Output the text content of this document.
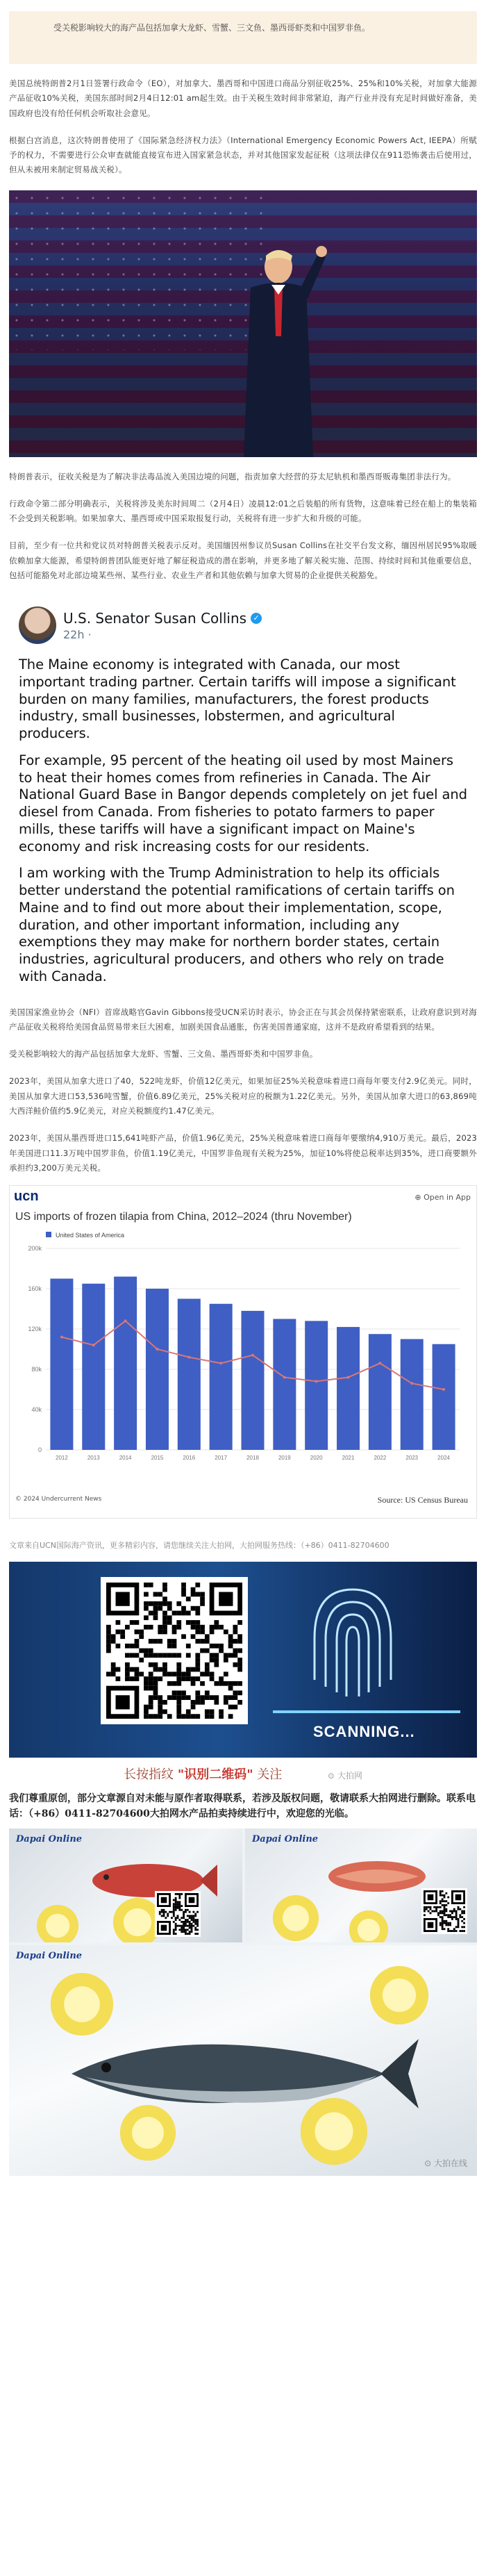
受关税影响较大的海产品包括加拿大龙虾、雪蟹、三文鱼、墨西哥虾类和中国罗非鱼。

美国总统特朗普2月1日签署行政命令（EO），对加拿大、墨西哥和中国进口商品分别征收25%、25%和10%关税，对加拿大能源产品征收10%关税，美国东部时间2月4日12:01 am起生效。由于关税生效时间非常紧迫，海产行业并没有充足时间做好准备，美国政府也没有给任何机会听取社会意见。

根据白宫消息，这次特朗普使用了《国际紧急经济权力法》（International Emergency Economic Powers Act, IEEPA）所赋予的权力，不需要进行公众审查就能直接宣布进入国家紧急状态，并对其他国家发起征税（这项法律仅在911恐怖袭击后使用过，但从未被用来制定贸易战关税）。

特朗普表示，征收关税是为了解决非法毒品流入美国边境的问题，指责加拿大经营的芬太尼轨机和墨西哥贩毒集团非法行为。

行政命令第二部分明确表示，关税将涉及美东时间周二（2月4日）凌晨12:01之后装船的所有货物，这意味着已经在船上的集装箱不会受到关税影响。如果加拿大、墨西哥或中国采取报复行动，关税将有进一步扩大和升级的可能。

目前，至少有一位共和党议员对特朗普关税表示反对。美国缅因州参议员Susan Collins在社交平台发文称，缅因州居民95%取暖依赖加拿大能源，希望特朗普团队能更好地了解征税造成的潜在影响，并更多地了解关税实施、范围、持续时间和其他重要信息，包括可能豁免对北部边境某些州、某些行业、农业生产者和其他依赖与加拿大贸易的企业提供关税豁免。

U.S. Senator Susan Collins ✓
22h ·

The Maine economy is integrated with Canada, our most important trading partner. Certain tariffs will impose a significant burden on many families, manufacturers, the forest products industry, small businesses, lobstermen, and agricultural producers.

For example, 95 percent of the heating oil used by most Mainers to heat their homes comes from refineries in Canada. The Air National Guard Base in Bangor depends completely on jet fuel and diesel from Canada. From fisheries to potato farmers to paper mills, these tariffs will have a significant impact on Maine's economy and risk increasing costs for our residents.

I am working with the Trump Administration to help its officials better understand the potential ramifications of certain tariffs on Maine and to find out more about their implementation, scope, duration, and other important information, including any exemptions they may make for northern border states, certain industries, agricultural producers, and others who rely on trade with Canada.

美国国家渔业协会（NFI）首席战略官Gavin Gibbons接受UCN采访时表示，协会正在与其会员保持紧密联系，让政府意识到对海产品征收关税将给美国食品贸易带来巨大困难，加剧美国食品通胀，伤害美国普通家庭，这并不是政府希望看到的结果。

受关税影响较大的海产品包括加拿大龙虾、雪蟹、三文鱼、墨西哥虾类和中国罗非鱼。

2023年，美国从加拿大进口了40，522吨龙虾，价值12亿美元，如果加征25%关税意味着进口商每年要支付2.9亿美元。同时，美国从加拿大进口53,536吨雪蟹，价值6.89亿美元，25%关税对应的税额为1.22亿美元。另外，美国从加拿大进口的63,869吨大西洋鲑价值约5.9亿美元，对应关税额度约1.47亿美元。

2023年，美国从墨西哥进口15,641吨虾产品，价值1.96亿美元，25%关税意味着进口商每年要缴纳4,910万美元。最后，2023年美国进口11.3万吨中国罗非鱼，价值1.19亿美元，中国罗非鱼现有关税为25%，加征10%将使总税率达到35%，进口商要额外承担约3,200万美元关税。

ucn	⊕ Open in App
US imports of frozen tilapia from China, 2012–2024 (thru November)
United States of America
0
40k
80k
120k
160k
200k
2012	2013	2014	2015	2016	2017	2018	2019	2020	2021	2022	2023	2024
© 2024 Undercurrent News	Source: US Census Bureau

文章来自UCN国际海产资讯，更多精彩内容，请您继续关注大拍网，大拍网服务热线：（+86）0411-82704600

SCANNING...
长按指纹 "识别二维码" 关注	⊙ 大拍网

我们尊重原创，部分文章源自对未能与原作者取得联系，若涉及版权问题，敬请联系大拍网进行删除。联系电话：（+86）0411-82704600大拍网水产品拍卖持续进行中，欢迎您的光临。

Dapai Online	Dapai Online
Dapai Online
⊙ 大拍在线
